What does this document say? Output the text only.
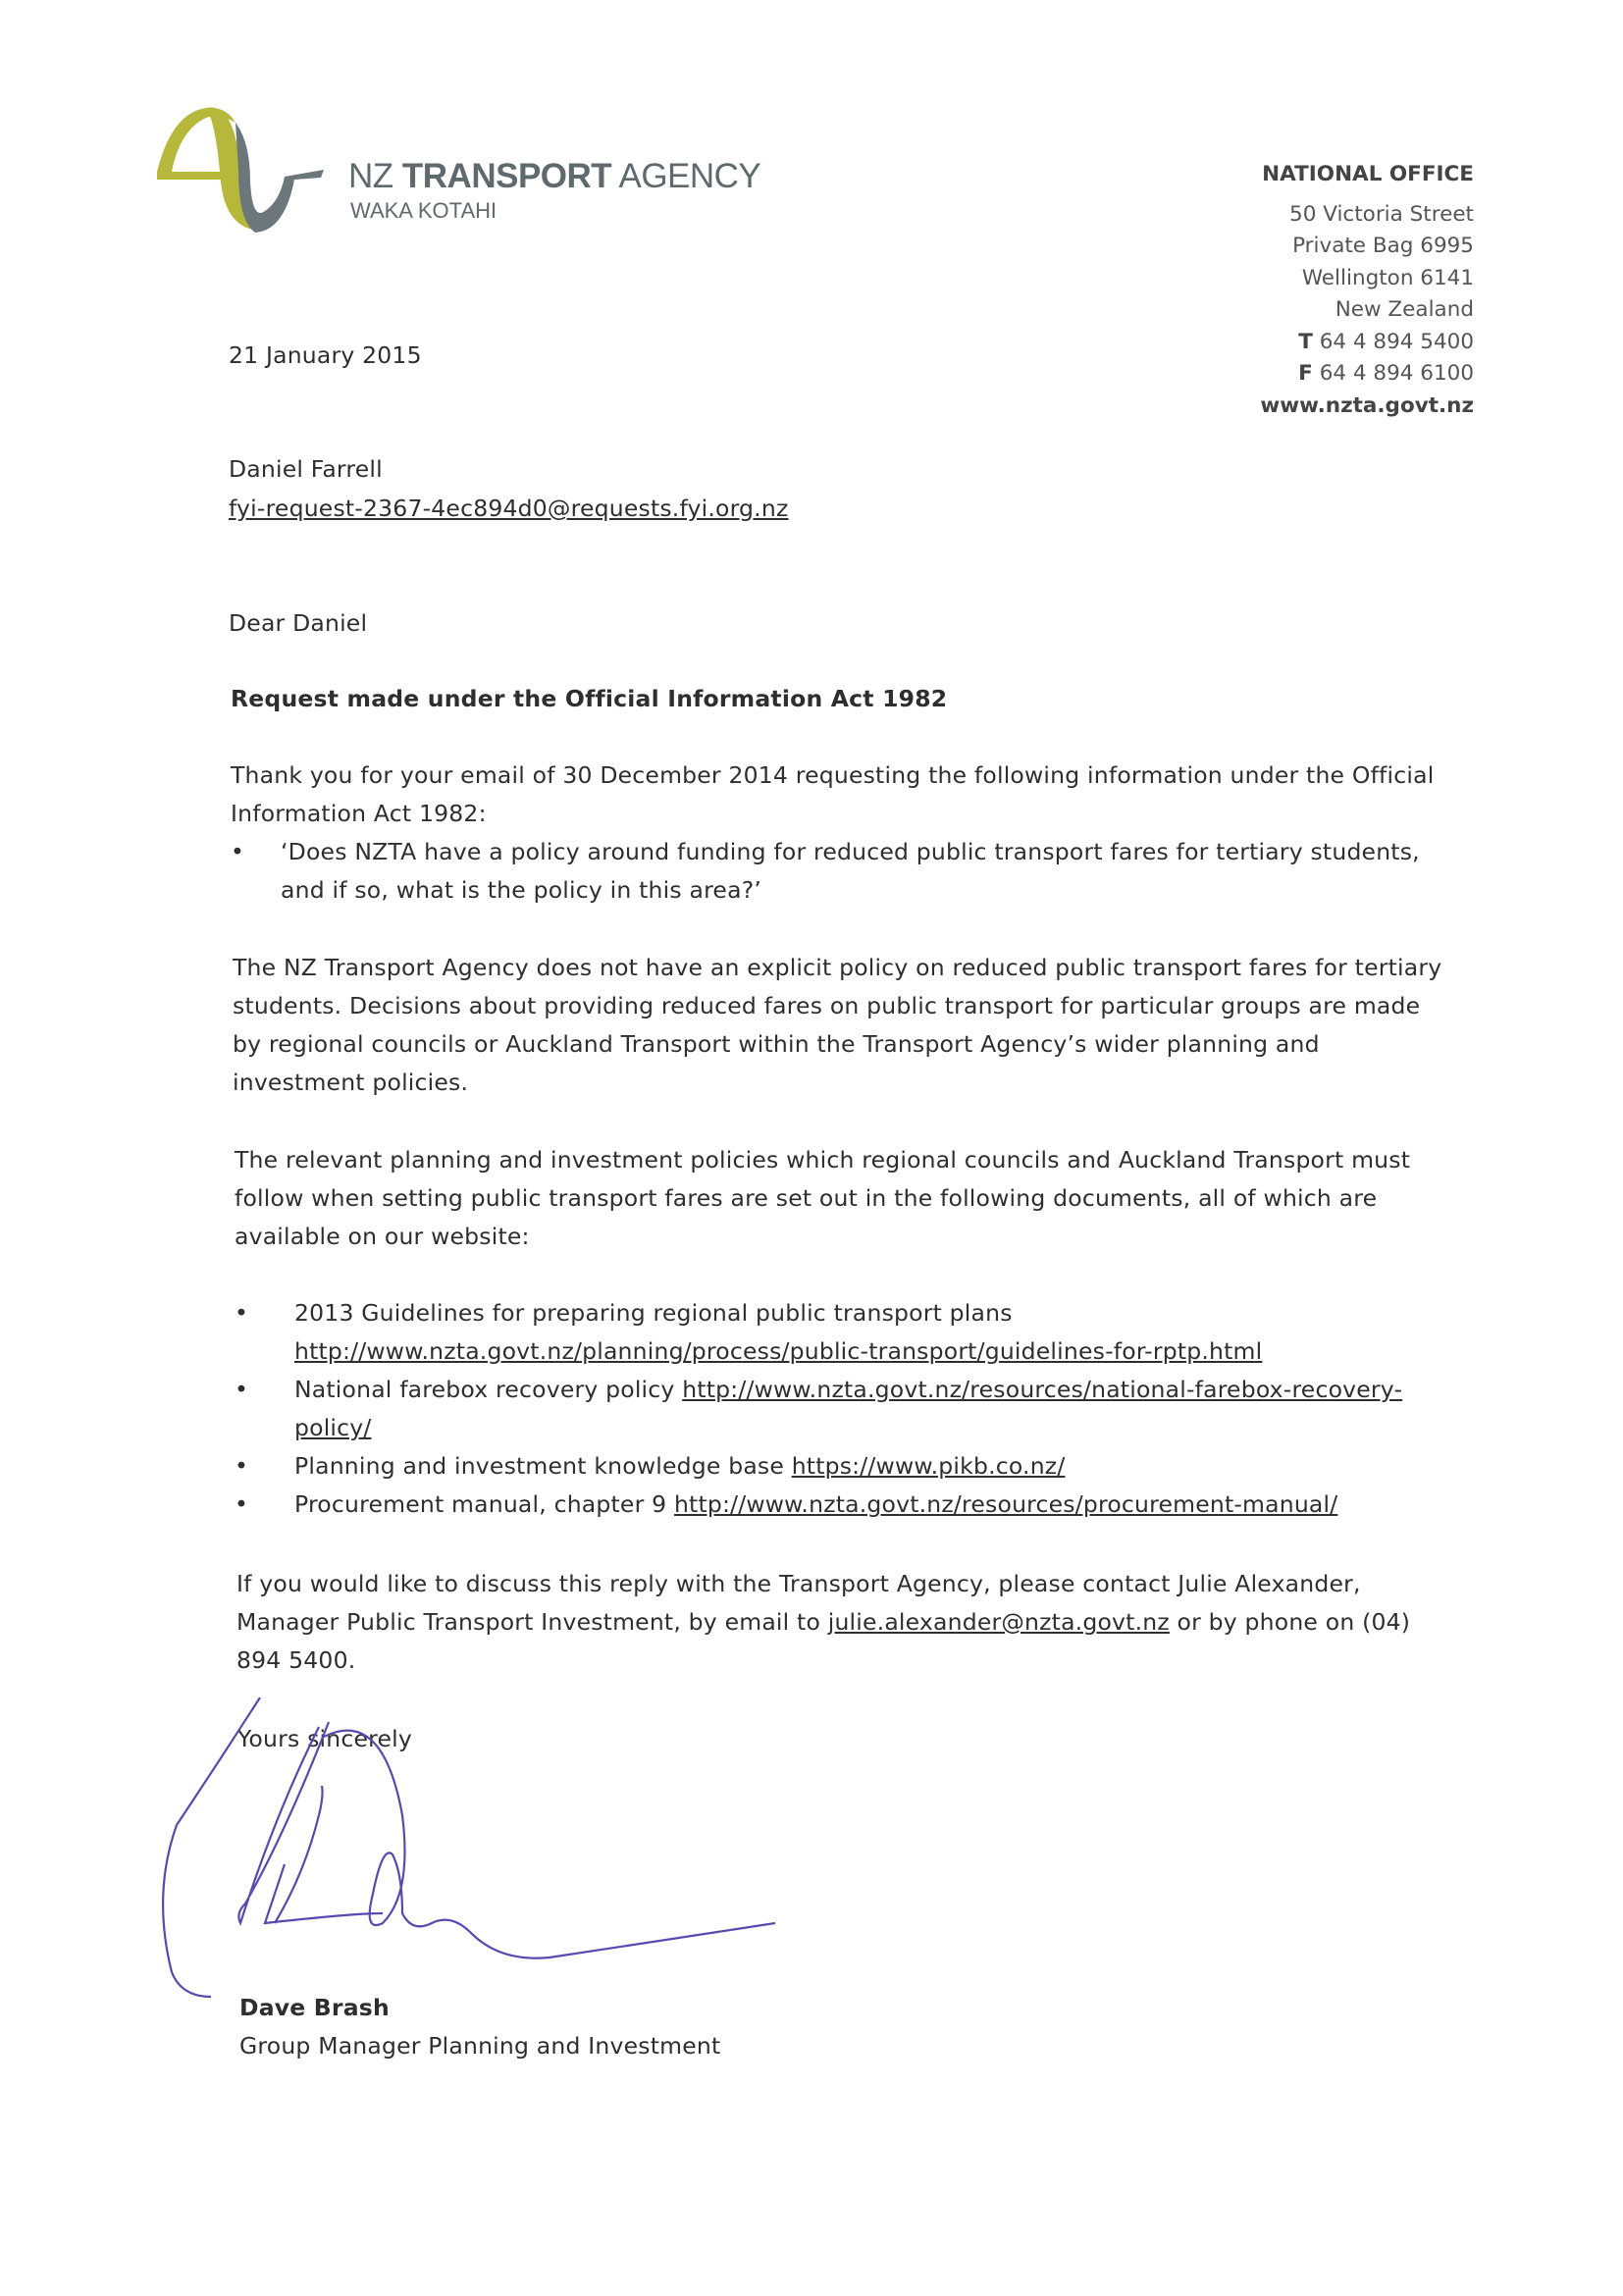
NZ TRANSPORT AGENCY
WAKA KOTAHI
NATIONAL OFFICE
50 Victoria Street
Private Bag 6995
Wellington 6141
New Zealand
T 64 4 894 5400
F 64 4 894 6100
www.nzta.govt.nz
21 January 2015
Daniel Farrell
fyi-request-2367-4ec894d0@requests.fyi.org.nz
Dear Daniel
Request made under the Official Information Act 1982
Thank you for your email of 30 December 2014 requesting the following information under the Official
Information Act 1982:
• ‘Does NZTA have a policy around funding for reduced public transport fares for tertiary students,
and if so, what is the policy in this area?’
The NZ Transport Agency does not have an explicit policy on reduced public transport fares for tertiary
students. Decisions about providing reduced fares on public transport for particular groups are made
by regional councils or Auckland Transport within the Transport Agency’s wider planning and
investment policies.
The relevant planning and investment policies which regional councils and Auckland Transport must
follow when setting public transport fares are set out in the following documents, all of which are
available on our website:
• 2013 Guidelines for preparing regional public transport plans
http://www.nzta.govt.nz/planning/process/public-transport/guidelines-for-rptp.html
• National farebox recovery policy http://www.nzta.govt.nz/resources/national-farebox-recovery-
policy/
• Planning and investment knowledge base https://www.pikb.co.nz/
• Procurement manual, chapter 9 http://www.nzta.govt.nz/resources/procurement-manual/
If you would like to discuss this reply with the Transport Agency, please contact Julie Alexander,
Manager Public Transport Investment, by email to julie.alexander@nzta.govt.nz or by phone on (04)
894 5400.
Yours sincerely
Dave Brash
Group Manager Planning and Investment
